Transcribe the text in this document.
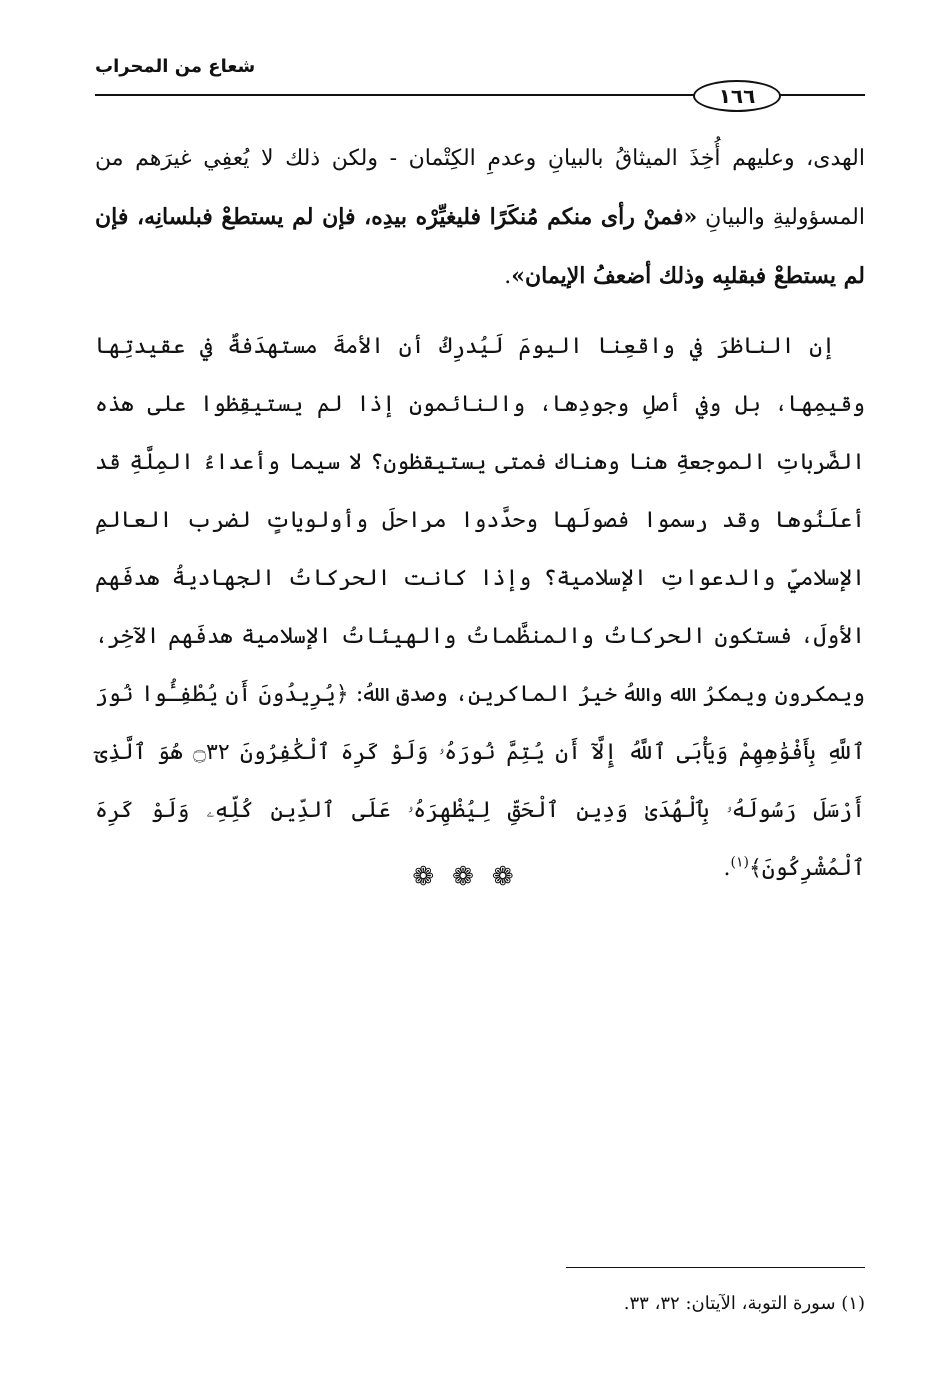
شعاع من المحراب
١٦٦

الهدى، وعليهم أُخِذَ الميثاقُ بالبيانِ وعدمِ الكِتْمان - ولكن ذلك لا يُعفِي غيرَهم من المسؤوليةِ والبيانِ «فمنْ رأى منكم مُنكَرًا فليغيِّرْه بيدِه، فإن لم يستطعْ فبلسانِه، فإن لم يستطعْ فبقلبِه وذلك أضعفُ الإيمان».

إن الناظرَ في واقعِنا اليومَ لَيُدرِكُ أن الأمةَ مستهدَفةٌ في عقيدتِها وقيمِها، بل وفي أصلِ وجودِها، والنائمون إذا لم يستيقِظوا على هذه الضَّرباتِ الموجعةِ هنا وهناك فمتى يستيقظون؟ لا سيما وأعداءُ المِلَّةِ قد أعلَنُوها وقد رسموا فصولَها وحدَّدوا مراحلَ وأولوياتٍ لضرب العالمِ الإسلاميِّ والدعواتِ الإسلامية؟ وإذا كانت الحركاتُ الجهاديةُ هدفَهم الأولَ، فستكون الحركاتُ والمنظَّماتُ والهيئاتُ الإسلامية هدفَهم الآخِر، ويمكرون ويمكرُ الله واللهُ خيرُ الماكرين، وصدق اللهُ: ﴿يُرِيدُونَ أَن يُطْفِـُٔوا نُورَ ٱللَّهِ بِأَفْوَٰهِهِمْ وَيَأْبَى ٱللَّهُ إِلَّآ أَن يُتِمَّ نُورَهُۥ وَلَوْ كَرِهَ ٱلْكَٰفِرُونَ ۝٣٢ هُوَ ٱلَّذِىٓ أَرْسَلَ رَسُولَهُۥ بِٱلْهُدَىٰ وَدِينِ ٱلْحَقِّ لِيُظْهِرَهُۥ عَلَى ٱلدِّينِ كُلِّهِۦ وَلَوْ كَرِهَ ٱلْمُشْرِكُونَ﴾$^{(١)}$.

❁❁❁
(١) سورة التوبة، الآيتان: ٣٢، ٣٣.
